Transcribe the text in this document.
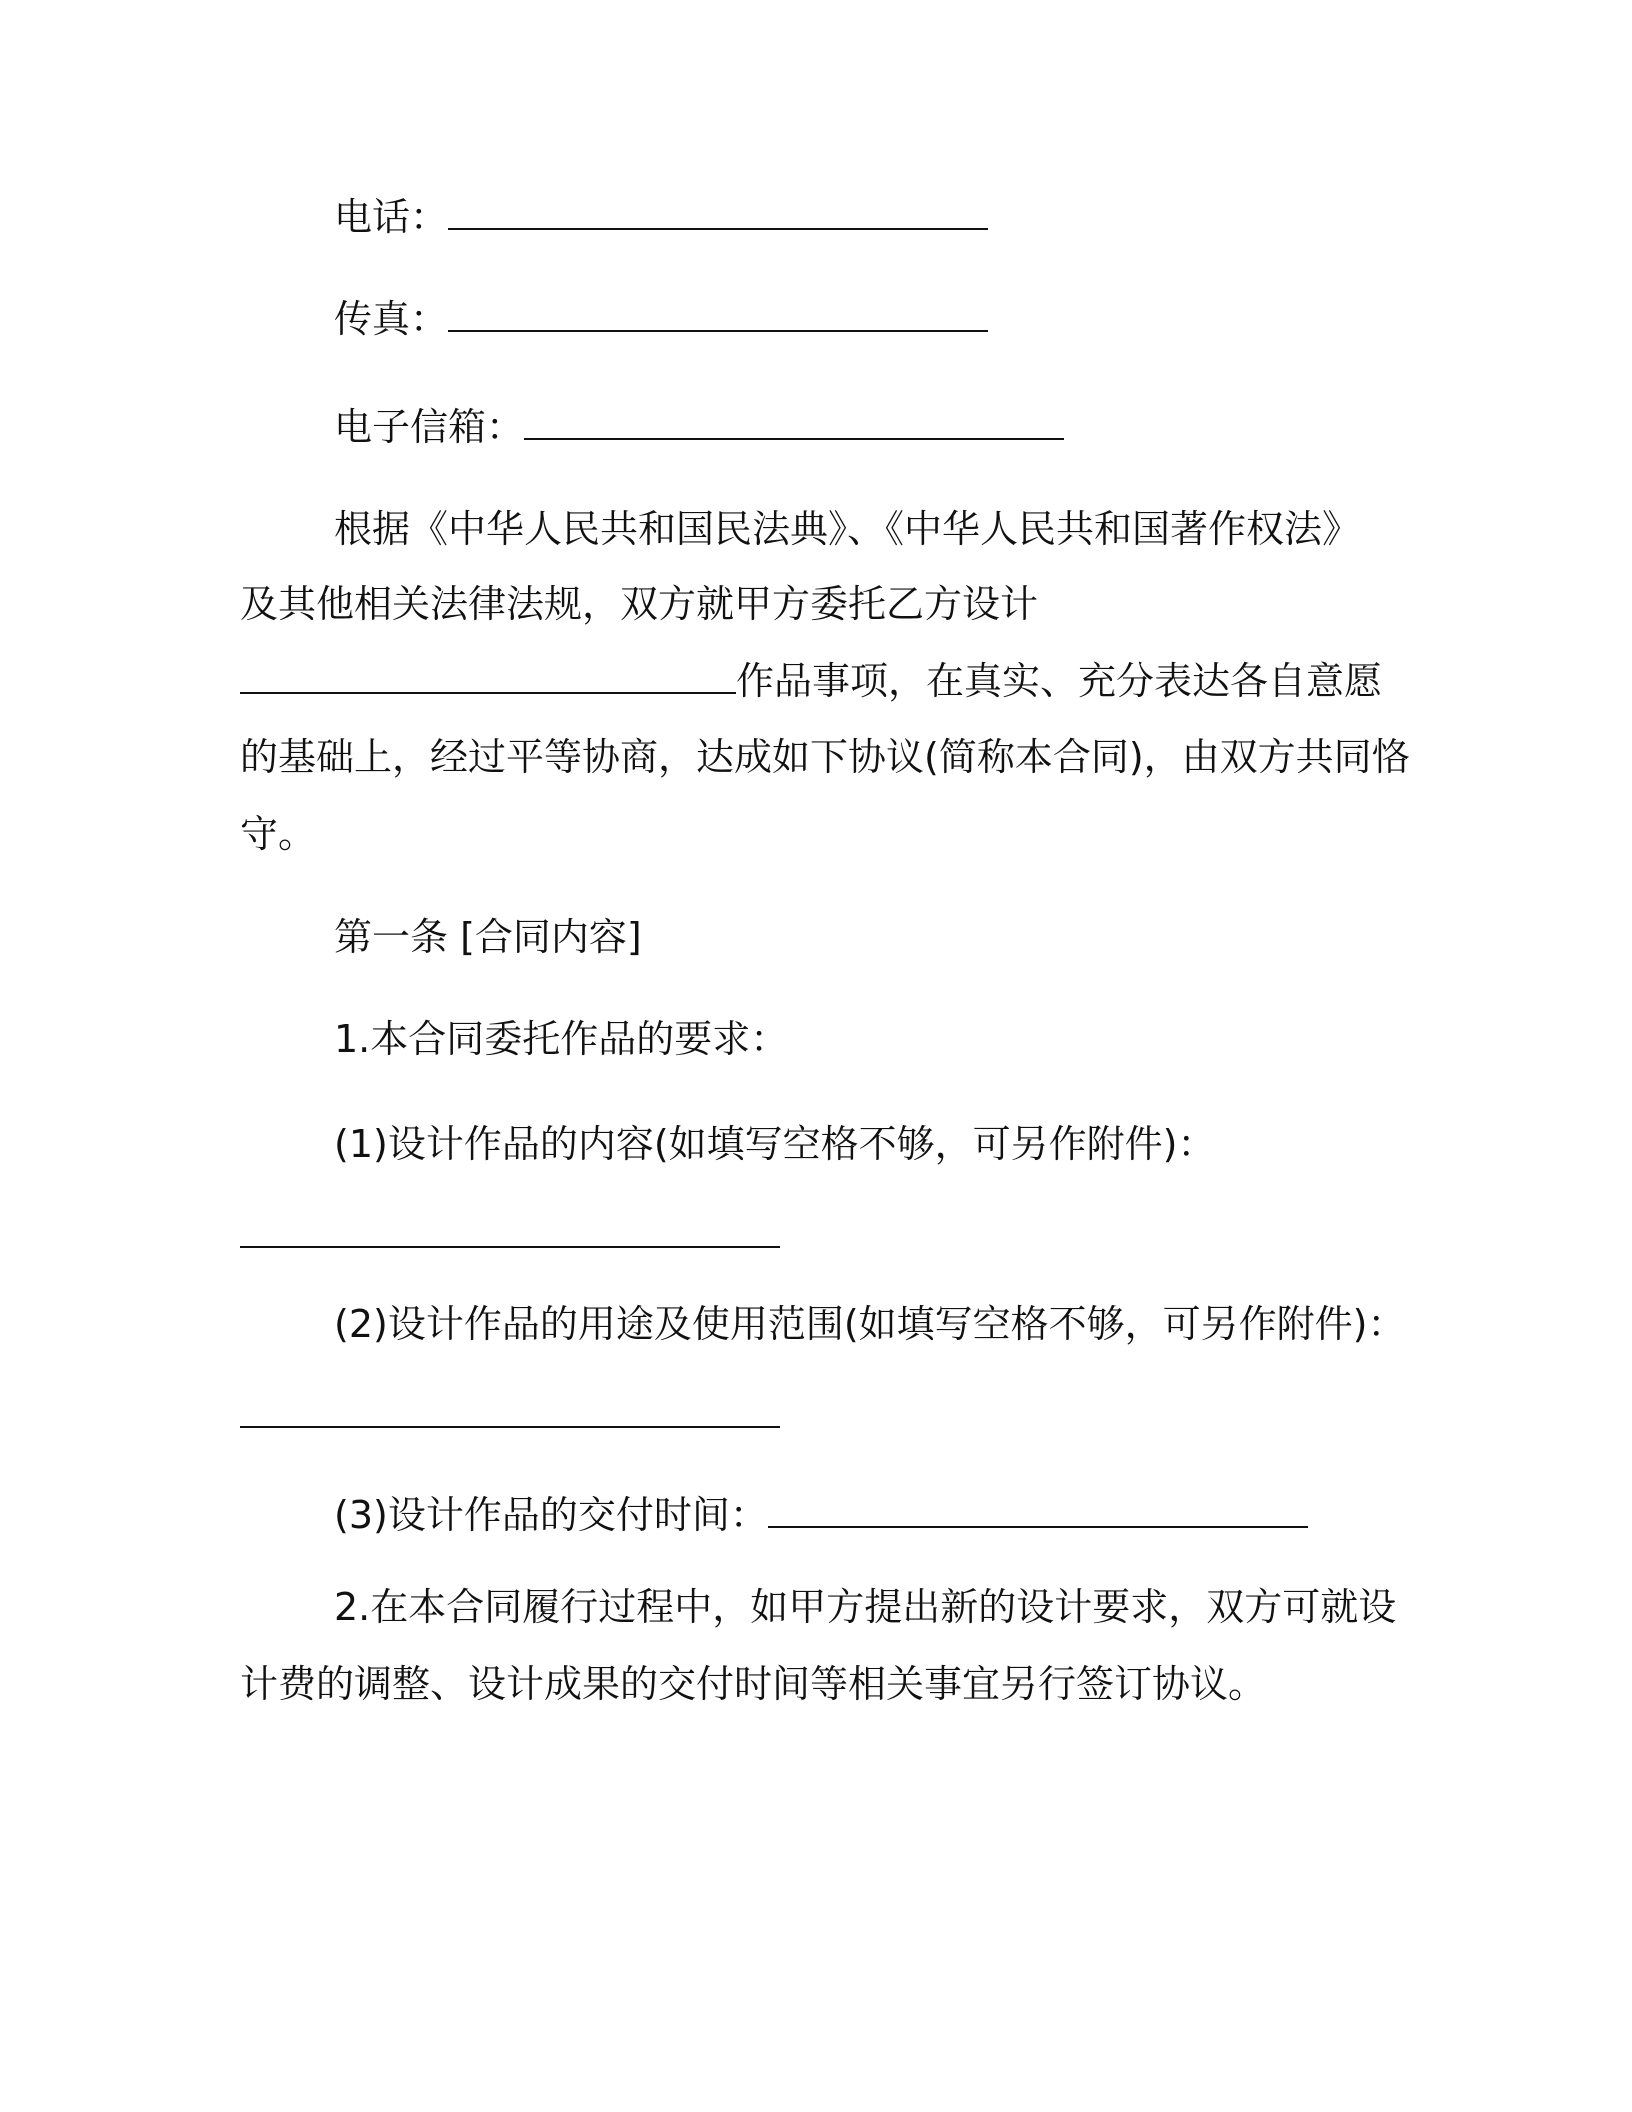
电话：
传真：
电子信箱：
根据《中华人民共和国民法典》、《中华人民共和国著作权法》
及其他相关法律法规，双方就甲方委托乙方设计
作品事项，在真实、充分表达各自意愿
的基础上，经过平等协商，达成如下协议(简称本合同)，由双方共同恪
守。
第一条 [合同内容]
1.本合同委托作品的要求：
(1)设计作品的内容(如填写空格不够，可另作附件)：
(2)设计作品的用途及使用范围(如填写空格不够，可另作附件)：
(3)设计作品的交付时间：
2.在本合同履行过程中，如甲方提出新的设计要求，双方可就设
计费的调整、设计成果的交付时间等相关事宜另行签订协议。
